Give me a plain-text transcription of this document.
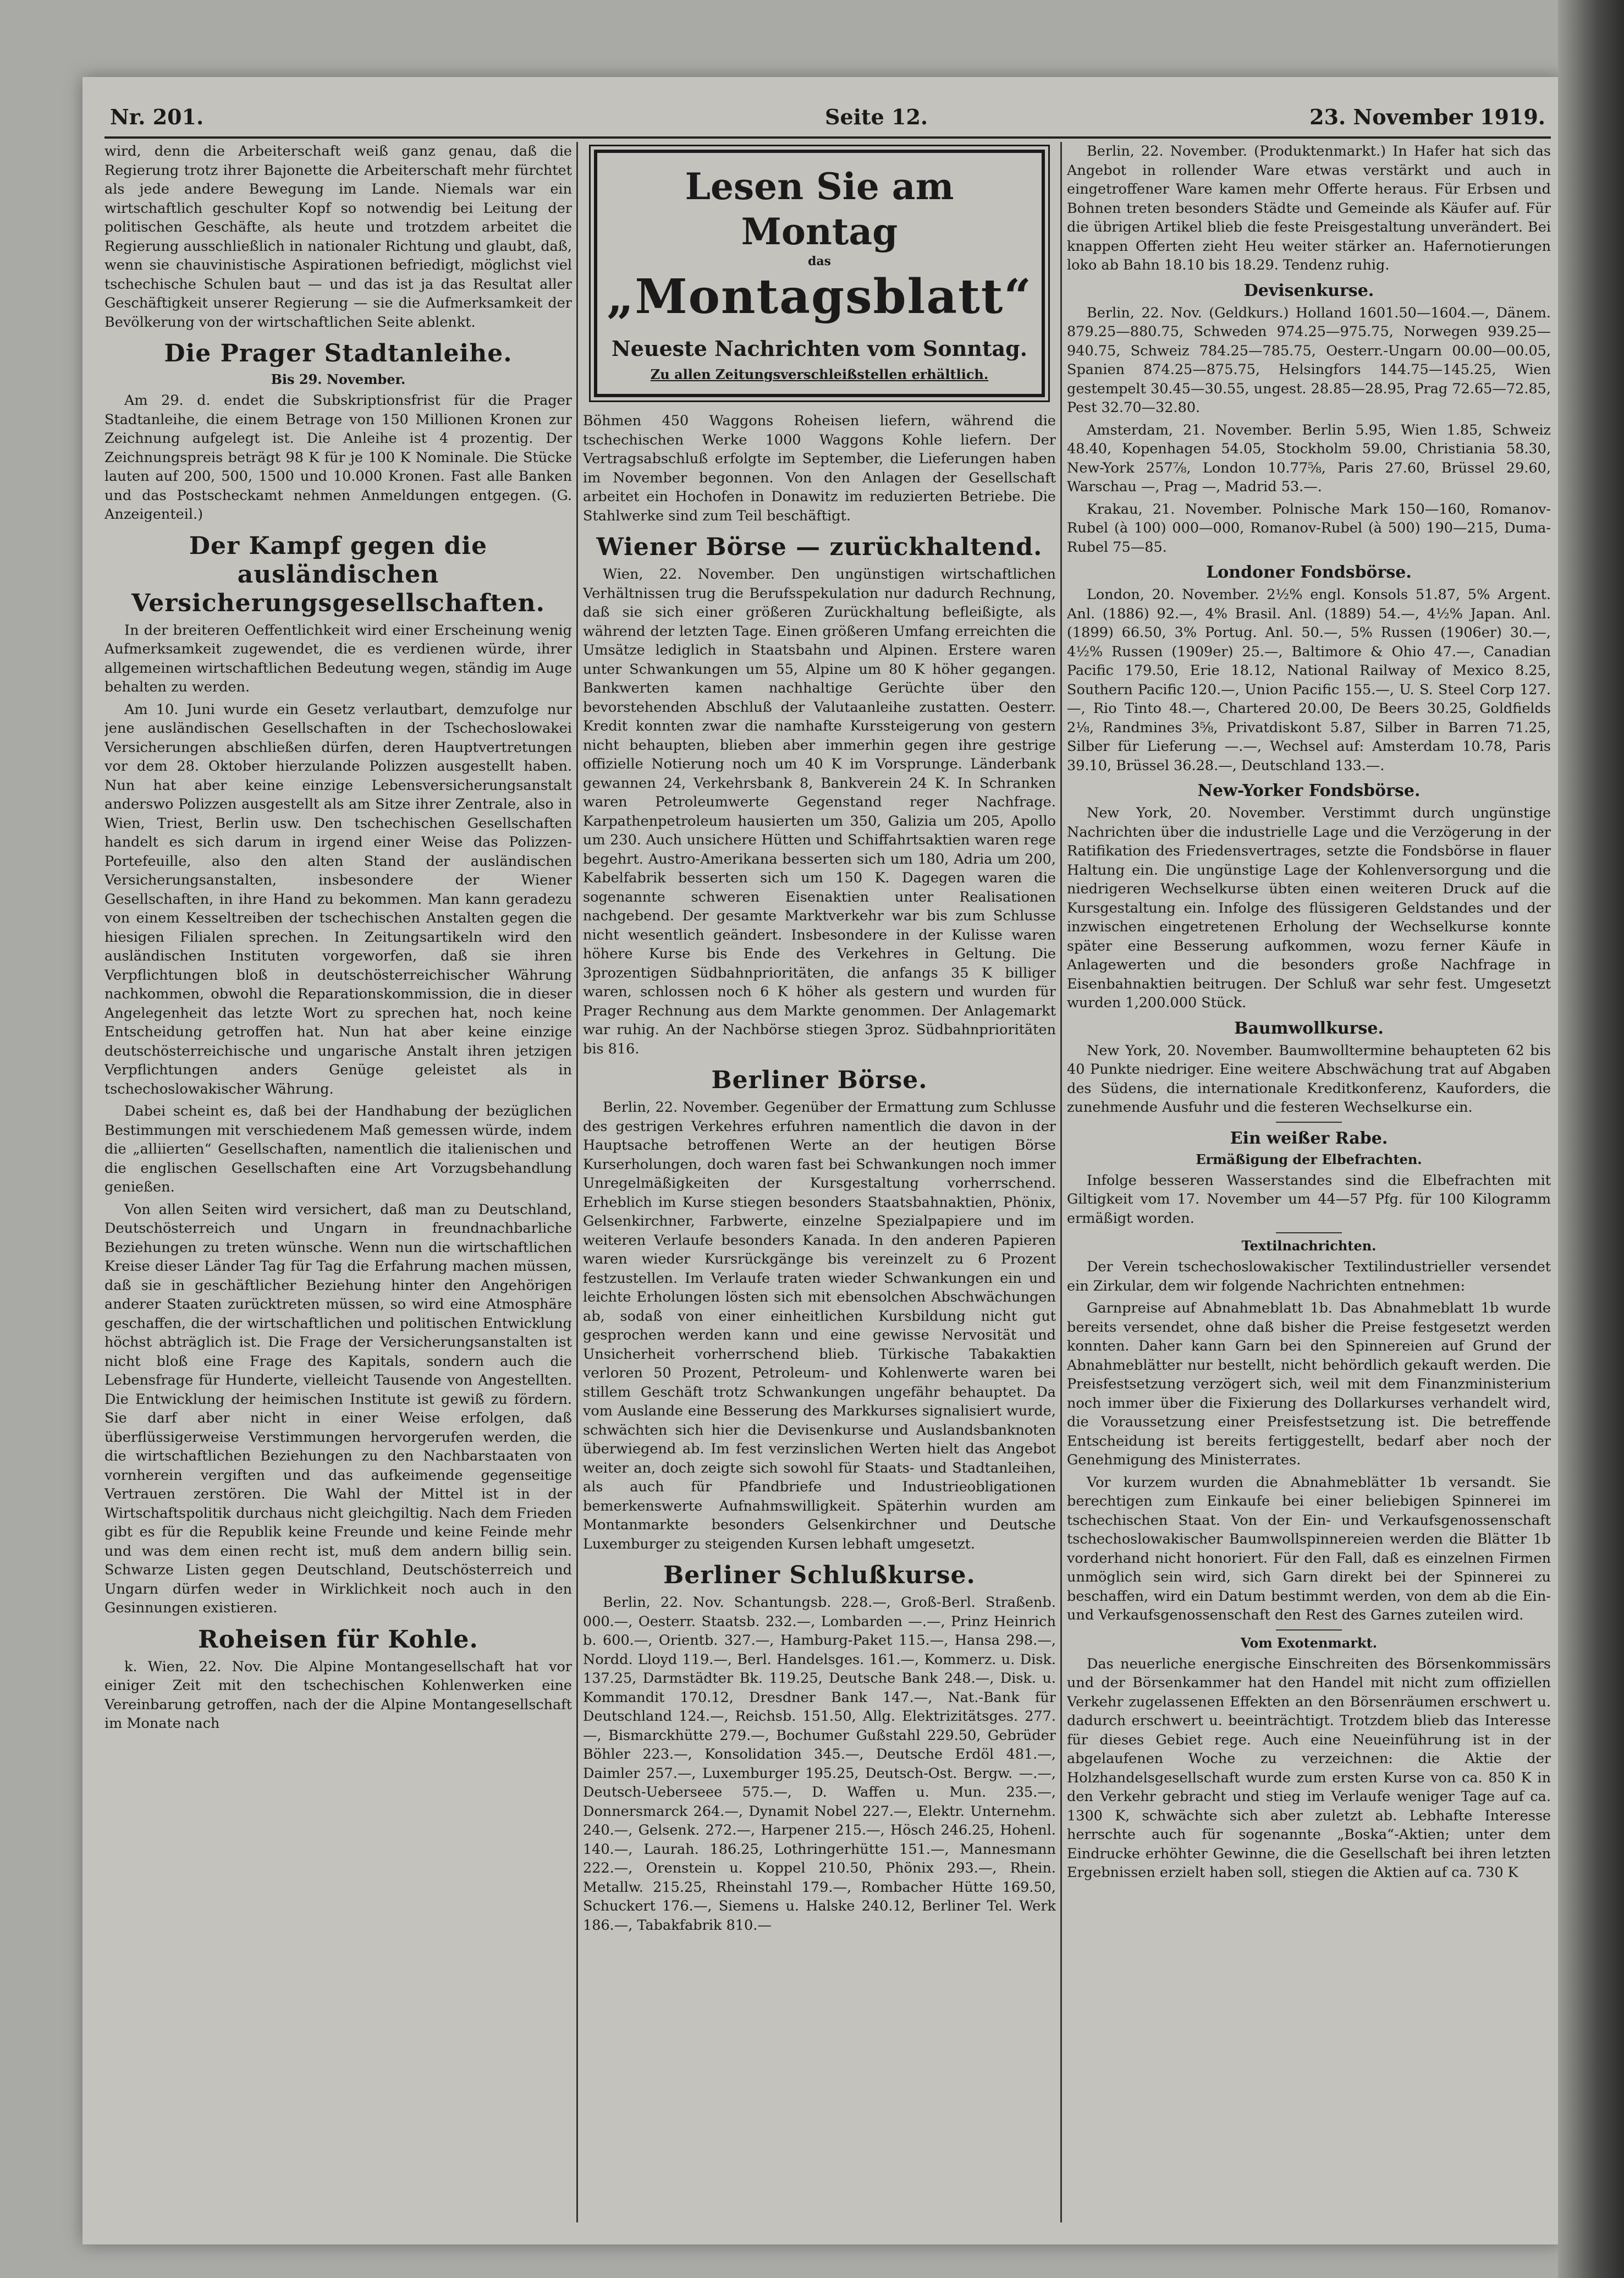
Nr. 201.	Seite 12.	23. November 1919.

wird, denn die Arbeiterschaft weiß ganz genau, daß die Regierung trotz ihrer Bajonette die Arbeiterschaft mehr fürchtet als jede andere Bewegung im Lande. Niemals war ein wirtschaftlich geschulter Kopf so notwendig bei Leitung der politischen Geschäfte, als heute und trotzdem arbeitet die Regierung ausschließlich in nationaler Richtung und glaubt, daß, wenn sie chauvinistische Aspirationen befriedigt, möglichst viel tschechische Schulen baut — und das ist ja das Resultat aller Geschäftigkeit unserer Regierung — sie die Aufmerksamkeit der Bevölkerung von der wirtschaftlichen Seite ablenkt.

Die Prager Stadtanleihe.
Bis 29. November.

Am 29. d. endet die Subskriptionsfrist für die Prager Stadtanleihe, die einem Betrage von 150 Millionen Kronen zur Zeichnung aufgelegt ist. Die Anleihe ist 4 prozentig. Der Zeichnungspreis beträgt 98 K für je 100 K Nominale. Die Stücke lauten auf 200, 500, 1500 und 10.000 Kronen. Fast alle Banken und das Postscheckamt nehmen Anmeldungen entgegen. (G. Anzeigenteil.)

Der Kampf gegen die ausländischen Versicherungsgesellschaften.

In der breiteren Oeffentlichkeit wird einer Erscheinung wenig Aufmerksamkeit zugewendet, die es verdienen würde, ihrer allgemeinen wirtschaftlichen Bedeutung wegen, ständig im Auge behalten zu werden.

Am 10. Juni wurde ein Gesetz verlautbart, demzufolge nur jene ausländischen Gesellschaften in der Tschechoslowakei Versicherungen abschließen dürfen, deren Hauptvertretungen vor dem 28. Oktober hierzulande Polizzen ausgestellt haben. Nun hat aber keine einzige Lebensversicherungsanstalt anderswo Polizzen ausgestellt als am Sitze ihrer Zentrale, also in Wien, Triest, Berlin usw. Den tschechischen Gesellschaften handelt es sich darum in irgend einer Weise das Polizzen-Portefeuille, also den alten Stand der ausländischen Versicherungsanstalten, insbesondere der Wiener Gesellschaften, in ihre Hand zu bekommen. Man kann geradezu von einem Kesseltreiben der tschechischen Anstalten gegen die hiesigen Filialen sprechen. In Zeitungsartikeln wird den ausländischen Instituten vorgeworfen, daß sie ihren Verpflichtungen bloß in deutschösterreichischer Währung nachkommen, obwohl die Reparationskommission, die in dieser Angelegenheit das letzte Wort zu sprechen hat, noch keine Entscheidung getroffen hat. Nun hat aber keine einzige deutschösterreichische und ungarische Anstalt ihren jetzigen Verpflichtungen anders Genüge geleistet als in tschechoslowakischer Währung.

Dabei scheint es, daß bei der Handhabung der bezüglichen Bestimmungen mit verschiedenem Maß gemessen würde, indem die „alliierten“ Gesellschaften, namentlich die italienischen und die englischen Gesellschaften eine Art Vorzugsbehandlung genießen.

Von allen Seiten wird versichert, daß man zu Deutschland, Deutschösterreich und Ungarn in freundnachbarliche Beziehungen zu treten wünsche. Wenn nun die wirtschaftlichen Kreise dieser Länder Tag für Tag die Erfahrung machen müssen, daß sie in geschäftlicher Beziehung hinter den Angehörigen anderer Staaten zurücktreten müssen, so wird eine Atmosphäre geschaffen, die der wirtschaftlichen und politischen Entwicklung höchst abträglich ist. Die Frage der Versicherungsanstalten ist nicht bloß eine Frage des Kapitals, sondern auch die Lebensfrage für Hunderte, vielleicht Tausende von Angestellten. Die Entwicklung der heimischen Institute ist gewiß zu fördern. Sie darf aber nicht in einer Weise erfolgen, daß überflüssigerweise Verstimmungen hervorgerufen werden, die die wirtschaftlichen Beziehungen zu den Nachbarstaaten von vornherein vergiften und das aufkeimende gegenseitige Vertrauen zerstören. Die Wahl der Mittel ist in der Wirtschaftspolitik durchaus nicht gleichgiltig. Nach dem Frieden gibt es für die Republik keine Freunde und keine Feinde mehr und was dem einen recht ist, muß dem andern billig sein. Schwarze Listen gegen Deutschland, Deutschösterreich und Ungarn dürfen weder in Wirklichkeit noch auch in den Gesinnungen existieren.

Roheisen für Kohle.

k. Wien, 22. Nov. Die Alpine Montangesellschaft hat vor einiger Zeit mit den tschechischen Kohlenwerken eine Vereinbarung getroffen, nach der die Alpine Montangesellschaft im Monate nach

Lesen Sie am Montag
das
„Montagsblatt“
Neueste Nachrichten vom Sonntag.
Zu allen Zeitungsverschleißstellen erhältlich.

Böhmen 450 Waggons Roheisen liefern, während die tschechischen Werke 1000 Waggons Kohle liefern. Der Vertragsabschluß erfolgte im September, die Lieferungen haben im November begonnen. Von den Anlagen der Gesellschaft arbeitet ein Hochofen in Donawitz im reduzierten Betriebe. Die Stahlwerke sind zum Teil beschäftigt.

Wiener Börse — zurückhaltend.

Wien, 22. November. Den ungünstigen wirtschaftlichen Verhältnissen trug die Berufsspekulation nur dadurch Rechnung, daß sie sich einer größeren Zurückhaltung befleißigte, als während der letzten Tage. Einen größeren Umfang erreichten die Umsätze lediglich in Staatsbahn und Alpinen. Erstere waren unter Schwankungen um 55, Alpine um 80 K höher gegangen. Bankwerten kamen nachhaltige Gerüchte über den bevorstehenden Abschluß der Valutaanleihe zustatten. Oesterr. Kredit konnten zwar die namhafte Kurssteigerung von gestern nicht behaupten, blieben aber immerhin gegen ihre gestrige offizielle Notierung noch um 40 K im Vorsprunge. Länderbank gewannen 24, Verkehrsbank 8, Bankverein 24 K. In Schranken waren Petroleumwerte Gegenstand reger Nachfrage. Karpathenpetroleum hausierten um 350, Galizia um 205, Apollo um 230. Auch unsichere Hütten und Schiffahrtsaktien waren rege begehrt. Austro-Amerikana besserten sich um 180, Adria um 200, Kabelfabrik besserten sich um 150 K. Dagegen waren die sogenannte schweren Eisenaktien unter Realisationen nachgebend. Der gesamte Marktverkehr war bis zum Schlusse nicht wesentlich geändert. Insbesondere in der Kulisse waren höhere Kurse bis Ende des Verkehres in Geltung. Die 3prozentigen Südbahnprioritäten, die anfangs 35 K billiger waren, schlossen noch 6 K höher als gestern und wurden für Prager Rechnung aus dem Markte genommen. Der Anlagemarkt war ruhig. An der Nachbörse stiegen 3proz. Südbahnprioritäten bis 816.

Berliner Börse.

Berlin, 22. November. Gegenüber der Ermattung zum Schlusse des gestrigen Verkehres erfuhren namentlich die davon in der Hauptsache betroffenen Werte an der heutigen Börse Kurserholungen, doch waren fast bei Schwankungen noch immer Unregelmäßigkeiten der Kursgestaltung vorherrschend. Erheblich im Kurse stiegen besonders Staatsbahnaktien, Phönix, Gelsenkirchner, Farbwerte, einzelne Spezialpapiere und im weiteren Verlaufe besonders Kanada. In den anderen Papieren waren wieder Kursrückgänge bis vereinzelt zu 6 Prozent festzustellen. Im Verlaufe traten wieder Schwankungen ein und leichte Erholungen lösten sich mit ebensolchen Abschwächungen ab, sodaß von einer einheitlichen Kursbildung nicht gut gesprochen werden kann und eine gewisse Nervosität und Unsicherheit vorherrschend blieb. Türkische Tabakaktien verloren 50 Prozent, Petroleum- und Kohlenwerte waren bei stillem Geschäft trotz Schwankungen ungefähr behauptet. Da vom Auslande eine Besserung des Markkurses signalisiert wurde, schwächten sich hier die Devisenkurse und Auslandsbanknoten überwiegend ab. Im fest verzinslichen Werten hielt das Angebot weiter an, doch zeigte sich sowohl für Staats- und Stadtanleihen, als auch für Pfandbriefe und Industrieobligationen bemerkenswerte Aufnahmswilligkeit. Späterhin wurden am Montanmarkte besonders Gelsenkirchner und Deutsche Luxemburger zu steigenden Kursen lebhaft umgesetzt.

Berliner Schlußkurse.

Berlin, 22. Nov. Schantungsb. 228.—, Groß-Berl. Straßenb. 000.—, Oesterr. Staatsb. 232.—, Lombarden —.—, Prinz Heinrich b. 600.—, Orientb. 327.—, Hamburg-Paket 115.—, Hansa 298.—, Nordd. Lloyd 119.—, Berl. Handelsges. 161.—, Kommerz. u. Disk. 137.25, Darmstädter Bk. 119.25, Deutsche Bank 248.—, Disk. u. Kommandit 170.12, Dresdner Bank 147.—, Nat.-Bank für Deutschland 124.—, Reichsb. 151.50, Allg. Elektrizitätsges. 277.—, Bismarckhütte 279.—, Bochumer Gußstahl 229.50, Gebrüder Böhler 223.—, Konsolidation 345.—, Deutsche Erdöl 481.—, Daimler 257.—, Luxemburger 195.25, Deutsch-Ost. Bergw. —.—, Deutsch-Ueberseee 575.—, D. Waffen u. Mun. 235.—, Donnersmarck 264.—, Dynamit Nobel 227.—, Elektr. Unternehm. 240.—, Gelsenk. 272.—, Harpener 215.—, Hösch 246.25, Hohenl. 140.—, Laurah. 186.25, Lothringerhütte 151.—, Mannesmann 222.—, Orenstein u. Koppel 210.50, Phönix 293.—, Rhein. Metallw. 215.25, Rheinstahl 179.—, Rombacher Hütte 169.50, Schuckert 176.—, Siemens u. Halske 240.12, Berliner Tel. Werk 186.—, Tabakfabrik 810.—

Berlin, 22. November. (Produktenmarkt.) In Hafer hat sich das Angebot in rollender Ware etwas verstärkt und auch in eingetroffener Ware kamen mehr Offerte heraus. Für Erbsen und Bohnen treten besonders Städte und Gemeinde als Käufer auf. Für die übrigen Artikel blieb die feste Preisgestaltung unverändert. Bei knappen Offerten zieht Heu weiter stärker an. Hafernotierungen loko ab Bahn 18.10 bis 18.29. Tendenz ruhig.

Devisenkurse.

Berlin, 22. Nov. (Geldkurs.) Holland 1601.50—1604.—, Dänem. 879.25—880.75, Schweden 974.25—975.75, Norwegen 939.25—940.75, Schweiz 784.25—785.75, Oesterr.-Ungarn 00.00—00.05, Spanien 874.25—875.75, Helsingfors 144.75—145.25, Wien gestempelt 30.45—30.55, ungest. 28.85—28.95, Prag 72.65—72.85, Pest 32.70—32.80.

Amsterdam, 21. November. Berlin 5.95, Wien 1.85, Schweiz 48.40, Kopenhagen 54.05, Stockholm 59.00, Christiania 58.30, New-York 257⅞, London 10.77⅝, Paris 27.60, Brüssel 29.60, Warschau —, Prag —, Madrid 53.—.

Krakau, 21. November. Polnische Mark 150—160, Romanov-Rubel (à 100) 000—000, Romanov-Rubel (à 500) 190—215, Duma-Rubel 75—85.

Londoner Fondsbörse.

London, 20. November. 2½% engl. Konsols 51.87, 5% Argent. Anl. (1886) 92.—, 4% Brasil. Anl. (1889) 54.—, 4½% Japan. Anl. (1899) 66.50, 3% Portug. Anl. 50.—, 5% Russen (1906er) 30.—, 4½% Russen (1909er) 25.—, Baltimore & Ohio 47.—, Canadian Pacific 179.50, Erie 18.12, National Railway of Mexico 8.25, Southern Pacific 120.—, Union Pacific 155.—, U. S. Steel Corp 127.—, Rio Tinto 48.—, Chartered 20.00, De Beers 30.25, Goldfields 2⅛, Randmines 3⅝, Privatdiskont 5.87, Silber in Barren 71.25, Silber für Lieferung —.—, Wechsel auf: Amsterdam 10.78, Paris 39.10, Brüssel 36.28.—, Deutschland 133.—.

New-Yorker Fondsbörse.

New York, 20. November. Verstimmt durch ungünstige Nachrichten über die industrielle Lage und die Verzögerung in der Ratifikation des Friedensvertrages, setzte die Fondsbörse in flauer Haltung ein. Die ungünstige Lage der Kohlenversorgung und die niedrigeren Wechselkurse übten einen weiteren Druck auf die Kursgestaltung ein. Infolge des flüssigeren Geldstandes und der inzwischen eingetretenen Erholung der Wechselkurse konnte später eine Besserung aufkommen, wozu ferner Käufe in Anlagewerten und die besonders große Nachfrage in Eisenbahnaktien beitrugen. Der Schluß war sehr fest. Umgesetzt wurden 1,200.000 Stück.

Baumwollkurse.

New York, 20. November. Baumwolltermine behaupteten 62 bis 40 Punkte niedriger. Eine weitere Abschwächung trat auf Abgaben des Südens, die internationale Kreditkonferenz, Kauforders, die zunehmende Ausfuhr und die festeren Wechselkurse ein.

Ein weißer Rabe.
Ermäßigung der Elbefrachten.

Infolge besseren Wasserstandes sind die Elbefrachten mit Giltigkeit vom 17. November um 44—57 Pfg. für 100 Kilogramm ermäßigt worden.

Textilnachrichten.

Der Verein tschechoslowakischer Textilindustrieller versendet ein Zirkular, dem wir folgende Nachrichten entnehmen:

Garnpreise auf Abnahmeblatt 1b. Das Abnahmeblatt 1b wurde bereits versendet, ohne daß bisher die Preise festgesetzt werden konnten. Daher kann Garn bei den Spinnereien auf Grund der Abnahmeblätter nur bestellt, nicht behördlich gekauft werden. Die Preisfestsetzung verzögert sich, weil mit dem Finanzministerium noch immer über die Fixierung des Dollarkurses verhandelt wird, die Voraussetzung einer Preisfestsetzung ist. Die betreffende Entscheidung ist bereits fertiggestellt, bedarf aber noch der Genehmigung des Ministerrates.

Vor kurzem wurden die Abnahmeblätter 1b versandt. Sie berechtigen zum Einkaufe bei einer beliebigen Spinnerei im tschechischen Staat. Von der Ein- und Verkaufsgenossenschaft tschechoslowakischer Baumwollspinnereien werden die Blätter 1b vorderhand nicht honoriert. Für den Fall, daß es einzelnen Firmen unmöglich sein wird, sich Garn direkt bei der Spinnerei zu beschaffen, wird ein Datum bestimmt werden, von dem ab die Ein- und Verkaufsgenossenschaft den Rest des Garnes zuteilen wird.

Vom Exotenmarkt.

Das neuerliche energische Einschreiten des Börsenkommissärs und der Börsenkammer hat den Handel mit nicht zum offiziellen Verkehr zugelassenen Effekten an den Börsenräumen erschwert u. dadurch erschwert u. beeinträchtigt. Trotzdem blieb das Interesse für dieses Gebiet rege. Auch eine Neueinführung ist in der abgelaufenen Woche zu verzeichnen: die Aktie der Holzhandelsgesellschaft wurde zum ersten Kurse von ca. 850 K in den Verkehr gebracht und stieg im Verlaufe weniger Tage auf ca. 1300 K, schwächte sich aber zuletzt ab. Lebhafte Interesse herrschte auch für sogenannte „Boska“-Aktien; unter dem Eindrucke erhöhter Gewinne, die die Gesellschaft bei ihren letzten Ergebnissen erzielt haben soll, stiegen die Aktien auf ca. 730 K
